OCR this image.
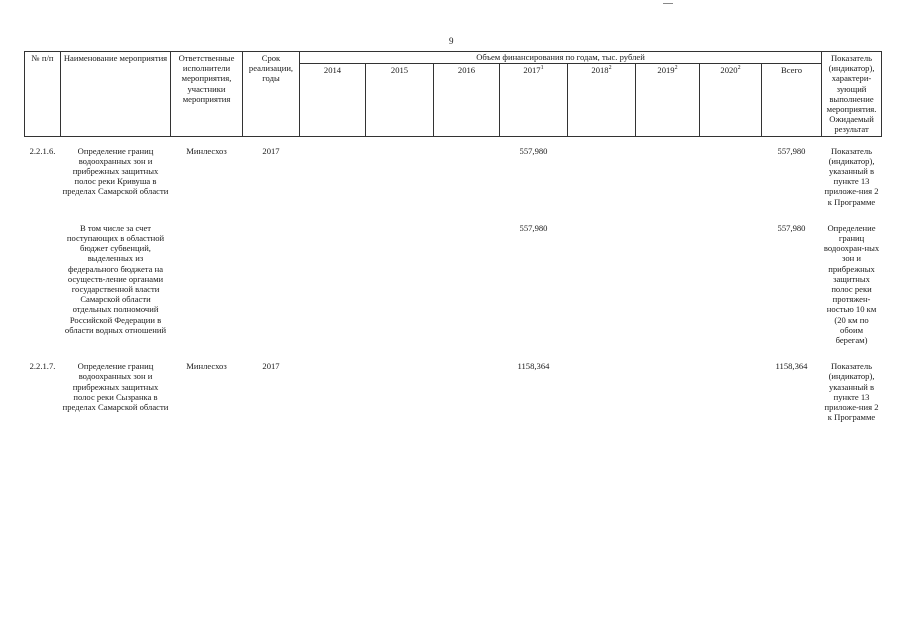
9
№ п/п	Наименование мероприятия	Ответственные исполнители мероприятия, участники мероприятия	Срок реализации, годы	Объем финансирования по годам, тыс. рублей								Показатель (индикатор), характери-зующий выполнение мероприятия. Ожидаемый результат
				2014	2015	2016	2017$^1$	2018$^2$	2019$^2$	2020$^2$	Всего	

2.2.1.6.	Определение границ водоохранных зон и прибрежных защитных полос реки Кривуша в пределах Самарской области	Минлесхоз	2017				557,980				557,980	Показатель (индикатор), указанный в пункте 13 приложе-ния 2 к Программе

	В том числе за счет поступающих в областной бюджет субвенций, выделенных из федерального бюджета на осуществ-ление органами государственной власти Самарской области отдельных полномочий Российской Федерации в области водных отношений						557,980				557,980	Определение границ водоохран-ных зон и прибрежных защитных полос реки протяжен-ностью 10 км (20 км по обоим берегам)

2.2.1.7.	Определение границ водоохранных зон и прибрежных защитных полос реки Сызранка в пределах Самарской области	Минлесхоз	2017				1158,364				1158,364	Показатель (индикатор), указанный в пункте 13 приложе-ния 2 к Программе
